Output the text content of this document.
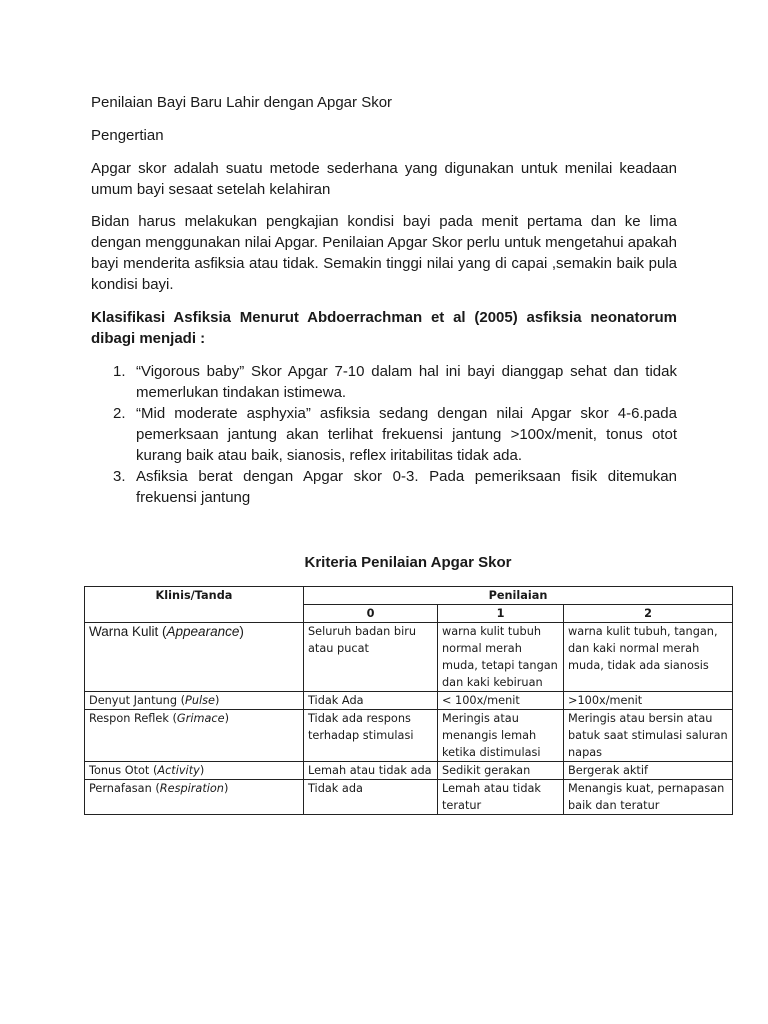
Penilaian Bayi Baru Lahir dengan Apgar Skor

Pengertian

Apgar skor adalah suatu metode sederhana yang digunakan untuk menilai keadaan umum bayi sesaat setelah kelahiran

Bidan harus melakukan pengkajian kondisi bayi pada menit pertama dan ke lima dengan menggunakan nilai Apgar. Penilaian Apgar Skor perlu untuk mengetahui apakah bayi menderita asfiksia atau tidak. Semakin tinggi nilai yang di capai ,semakin baik pula kondisi bayi.

Klasifikasi Asfiksia Menurut Abdoerrachman et al (2005) asfiksia neonatorum dibagi menjadi :

1. “Vigorous baby” Skor Apgar 7-10 dalam hal ini bayi dianggap sehat dan tidak memerlukan tindakan istimewa.
2. “Mid moderate asphyxia” asfiksia sedang dengan nilai Apgar skor 4-6.pada pemerksaan jantung akan terlihat frekuensi jantung >100x/menit, tonus otot kurang baik atau baik, sianosis, reflex iritabilitas tidak ada.
3. Asfiksia berat dengan Apgar skor 0-3. Pada pemeriksaan fisik ditemukan frekuensi jantung
Kriteria Penilaian Apgar Skor
Klinis/Tanda	Penilaian		
	0	1	2
Warna Kulit (Appearance)	Seluruh badan biru atau pucat	warna kulit tubuh normal merah muda, tetapi tangan dan kaki kebiruan	warna kulit tubuh, tangan, dan kaki normal merah muda, tidak ada sianosis
Denyut Jantung (Pulse)	Tidak Ada	< 100x/menit	>100x/menit
Respon Reflek (Grimace)	Tidak ada respons terhadap stimulasi	Meringis atau menangis lemah ketika distimulasi	Meringis atau bersin atau batuk saat stimulasi saluran napas
Tonus Otot (Activity)	Lemah atau tidak ada	Sedikit gerakan	Bergerak aktif
Pernafasan (Respiration)	Tidak ada	Lemah atau tidak teratur	Menangis kuat, pernapasan baik dan teratur
